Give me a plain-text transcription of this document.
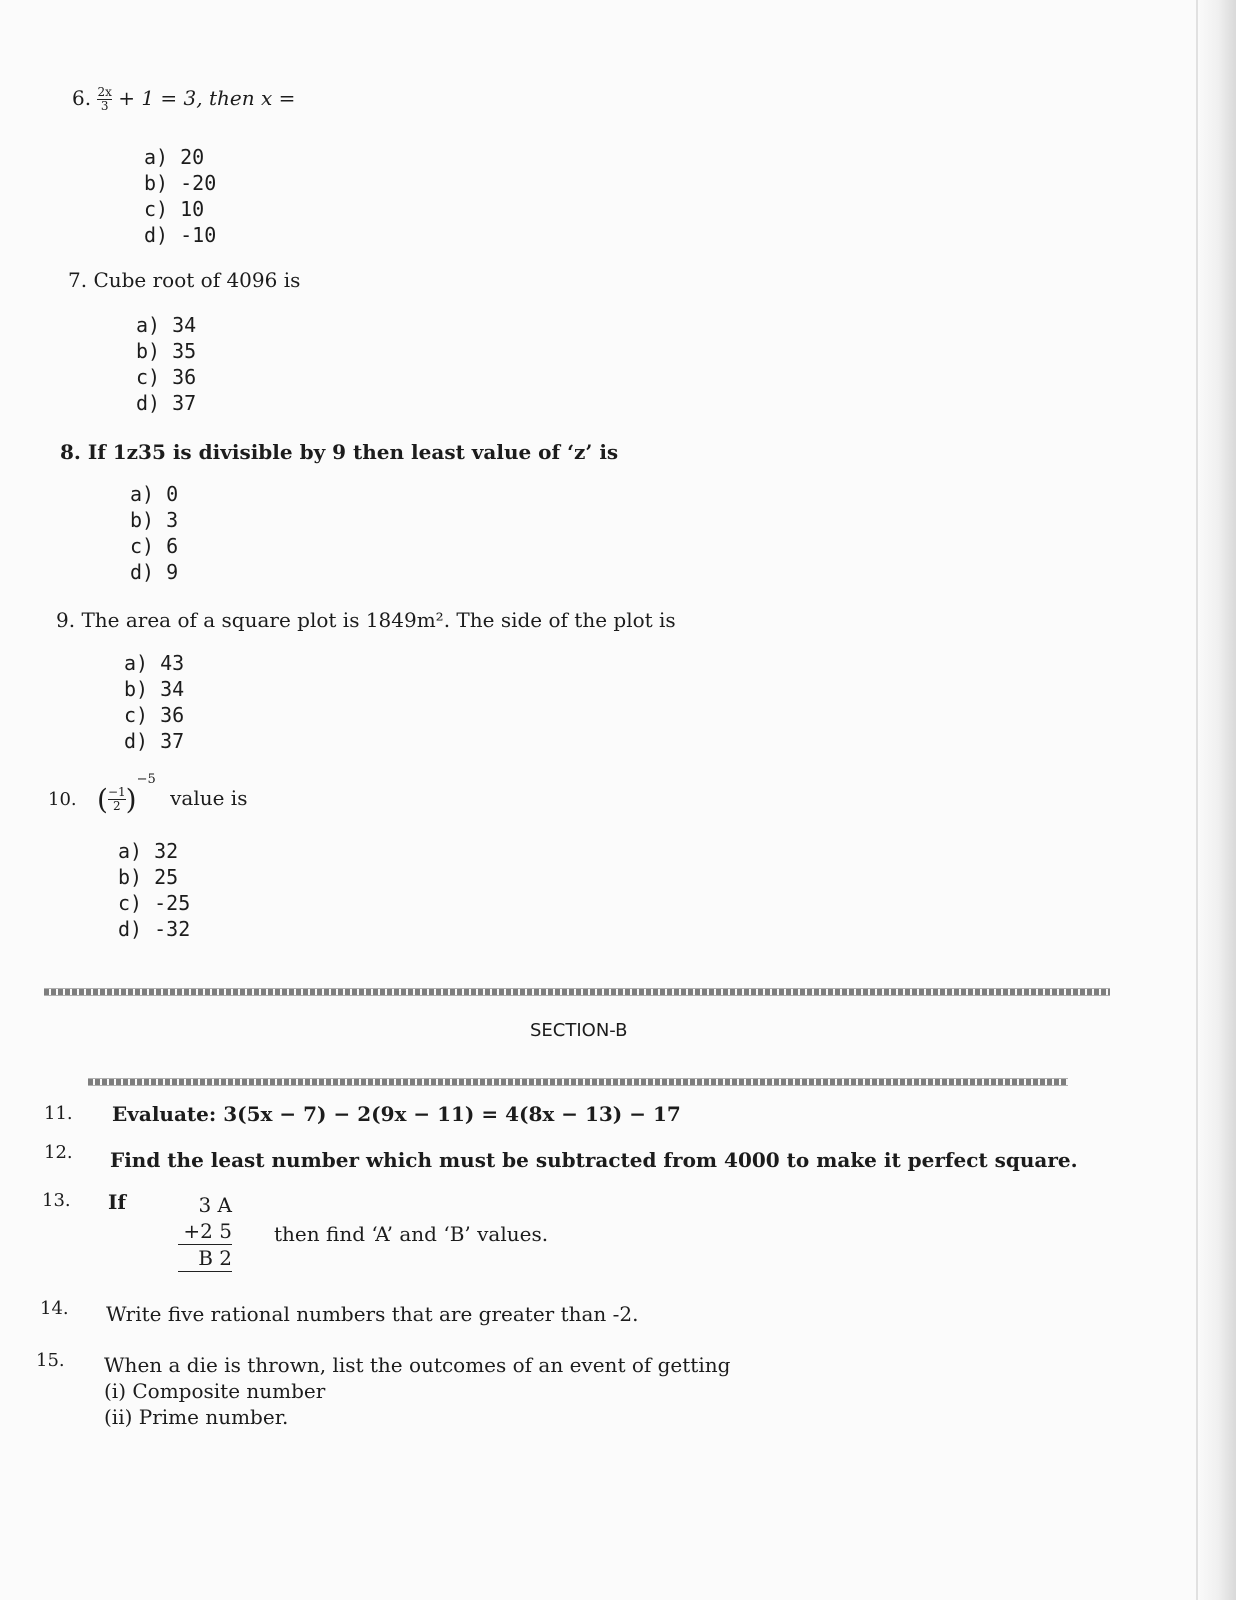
6. $\frac{2x}{3} + 1 = 3$, then x =
a) 20
b) -20
c) 10
d) -10
7. Cube root of 4096 is
a) 34
b) 35
c) 36
d) 37
8. If 1z35 is divisible by 9 then least value of ‘z’ is
a) 0
b) 3
c) 6
d) 9
9. The area of a square plot is 1849m². The side of the plot is
a) 43
b) 34
c) 36
d) 37
10. ( $\frac{-1}{2} )^{-5}$ value is
a) 32
b) 25
c) -25
d) -32
SECTION-B
11. Evaluate: 3(5x − 7) − 2(9x − 11) = 4(8x − 13) − 17
12. Find the least number which must be subtracted from 4000 to make it perfect square.
13. If	3 A
+2 5
B 2
then find ‘A’ and ‘B’ values.
14. Write five rational numbers that are greater than -2.
15. When a die is thrown, list the outcomes of an event of getting
(i) Composite number
(ii) Prime number.
